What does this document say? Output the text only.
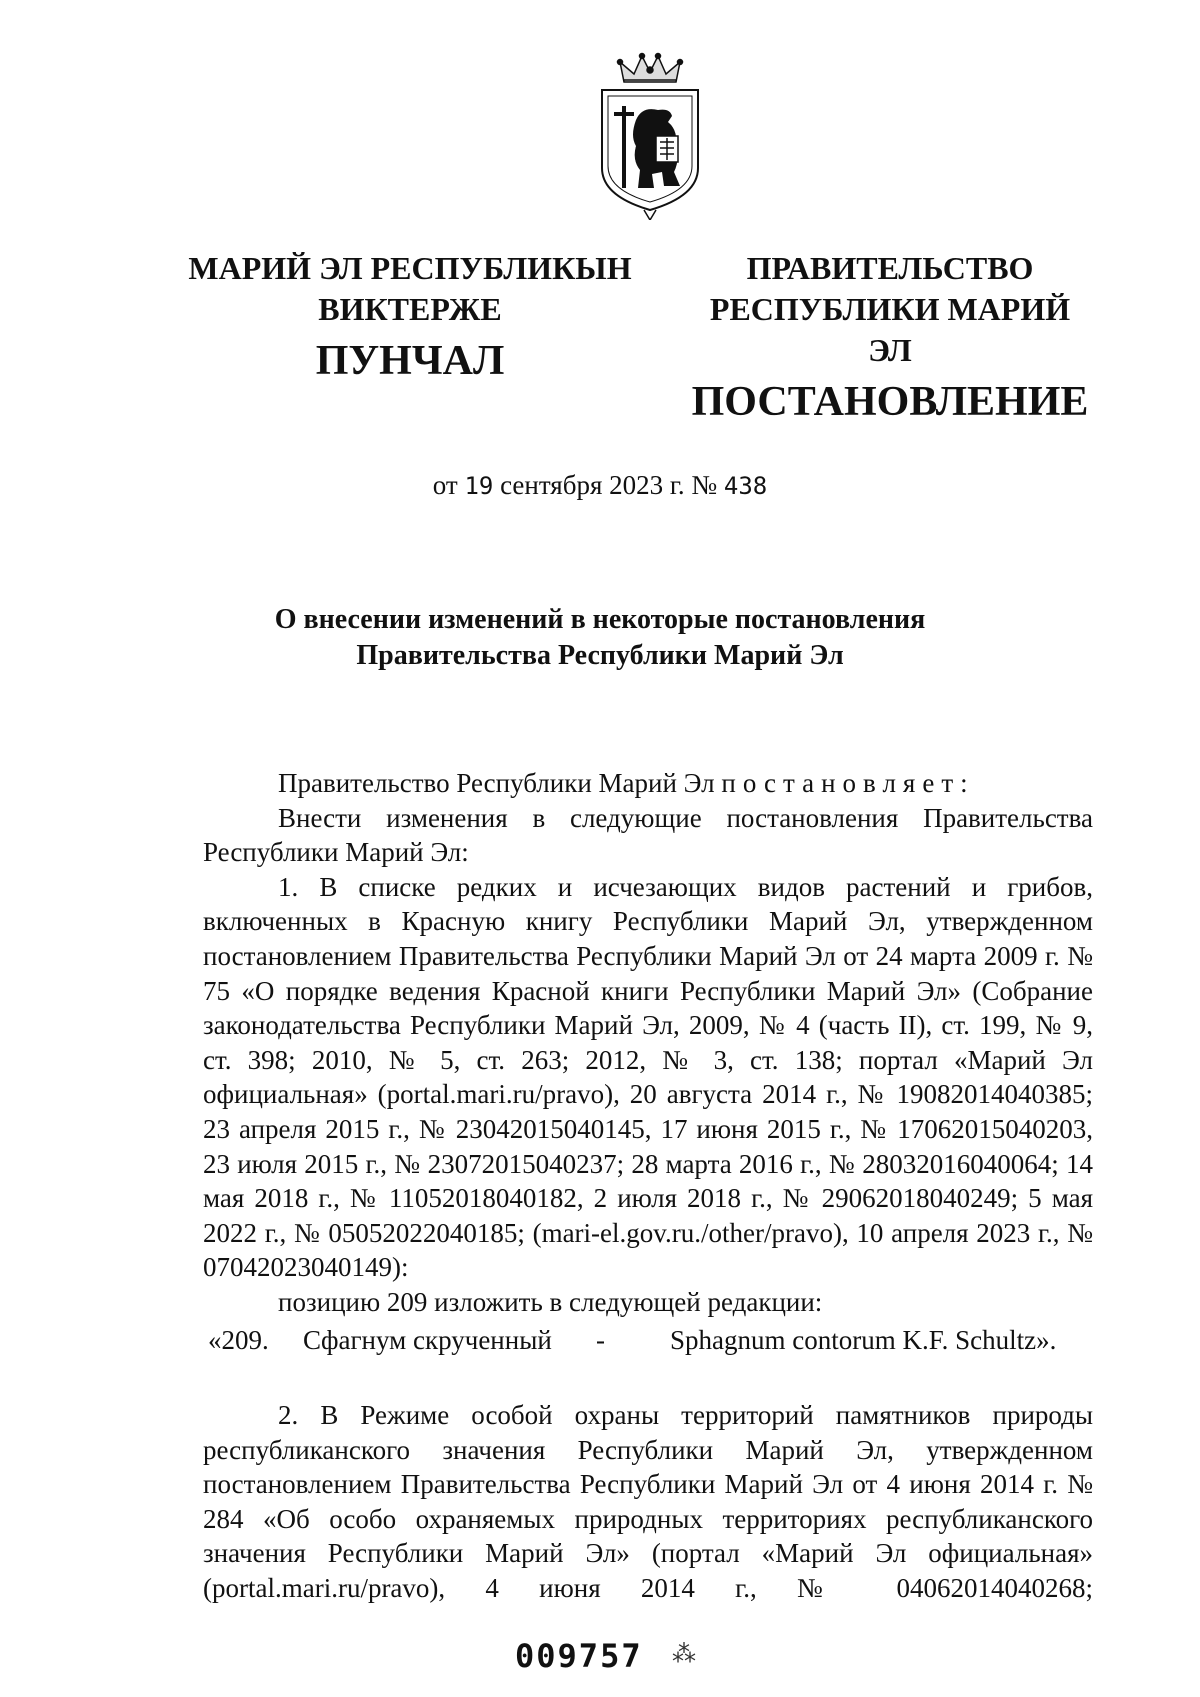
МАРИЙ ЭЛ РЕСПУБЛИКЫН
ВИКТЕРЖЕ
ПУНЧАЛ
ПРАВИТЕЛЬСТВО
РЕСПУБЛИКИ МАРИЙ ЭЛ
ПОСТАНОВЛЕНИЕ
от 19 сентября 2023 г. № 438
О внесении изменений в некоторые постановления
Правительства Республики Марий Эл

Правительство Республики Марий Эл постановляет:

Внести изменения в следующие постановления Правительства Республики Марий Эл:

1. В списке редких и исчезающих видов растений и грибов, включенных в Красную книгу Республики Марий Эл, утвержденном постановлением Правительства Республики Марий Эл от 24 марта 2009 г. № 75 «О порядке ведения Красной книги Республики Марий Эл» (Собрание законодательства Республики Марий Эл, 2009, № 4 (часть II), ст. 199, № 9, ст. 398; 2010, № 5, ст. 263; 2012, № 3, ст. 138; портал «Марий Эл официальная» (portal.mari.ru/pravo), 20 августа 2014 г., № 19082014040385; 23 апреля 2015 г., № 23042015040145, 17 июня 2015 г., № 17062015040203, 23 июля 2015 г., № 23072015040237; 28 марта 2016 г., № 28032016040064; 14 мая 2018 г., № 11052018040182, 2 июля 2018 г., № 29062018040249; 5 мая 2022 г., № 05052022040185; (mari-el.gov.ru./other/pravo), 10 апреля 2023 г., № 07042023040149):

позицию 209 изложить в следующей редакции:

«209. Сфагнум скрученный - Sphagnum contorum K.F. Schultz».

2. В Режиме особой охраны территорий памятников природы республиканского значения Республики Марий Эл, утвержденном постановлением Правительства Республики Марий Эл от 4 июня 2014 г. № 284 «Об особо охраняемых природных территориях республиканского значения Республики Марий Эл» (портал «Марий Эл официальная» (portal.mari.ru/pravo), 4 июня 2014 г., № 04062014040268;

009757 ⁂
